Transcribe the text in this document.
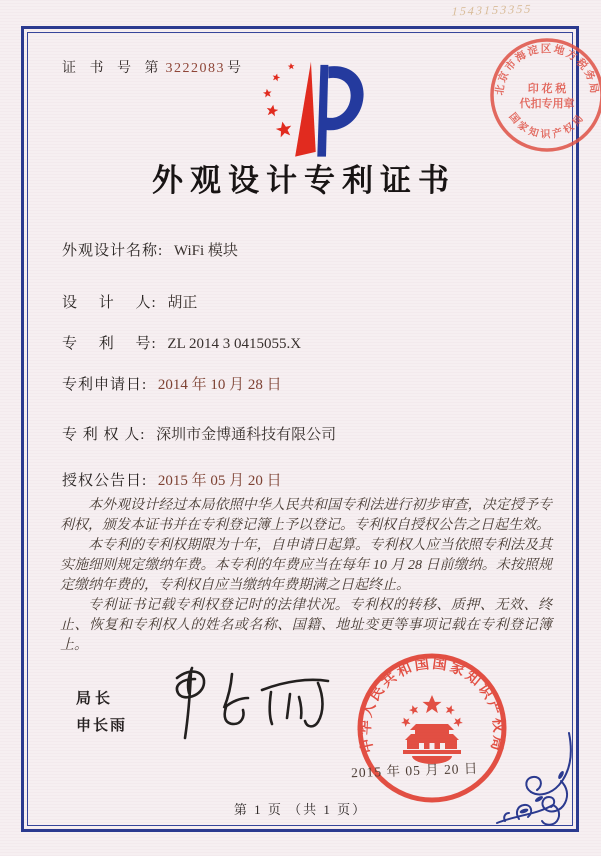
1543153355
证 书 号 第 3222083 号
外观设计专利证书
北京市海淀区地方税务局
印 花 税
代扣专用章
国家知识产权局
外观设计名称: WiFi 模块
设　 计　 人: 胡正
专　 利　 号: ZL 2014 3 0415055.X
专利申请日: 2014 年 10 月 28 日
专 利 权 人: 深圳市金博通科技有限公司
授权公告日: 2015 年 05 月 20 日

本外观设计经过本局依照中华人民共和国专利法进行初步审查，决定授予专利权，颁发本证书并在专利登记簿上予以登记。专利权自授权公告之日起生效。

本专利的专利权期限为十年，自申请日起算。专利权人应当依照专利法及其实施细则规定缴纳年费。本专利的年费应当在每年 10 月 28 日前缴纳。未按照规定缴纳年费的，专利权自应当缴纳年费期满之日起终止。

专利证书记载专利权登记时的法律状况。专利权的转移、质押、无效、终止、恢复和专利权人的姓名或名称、国籍、地址变更等事项记载在专利登记簿上。

局长
申长雨
中华人民共和国国家知识产权局
2015 年 05 月 20 日
第 1 页 （共 1 页）
